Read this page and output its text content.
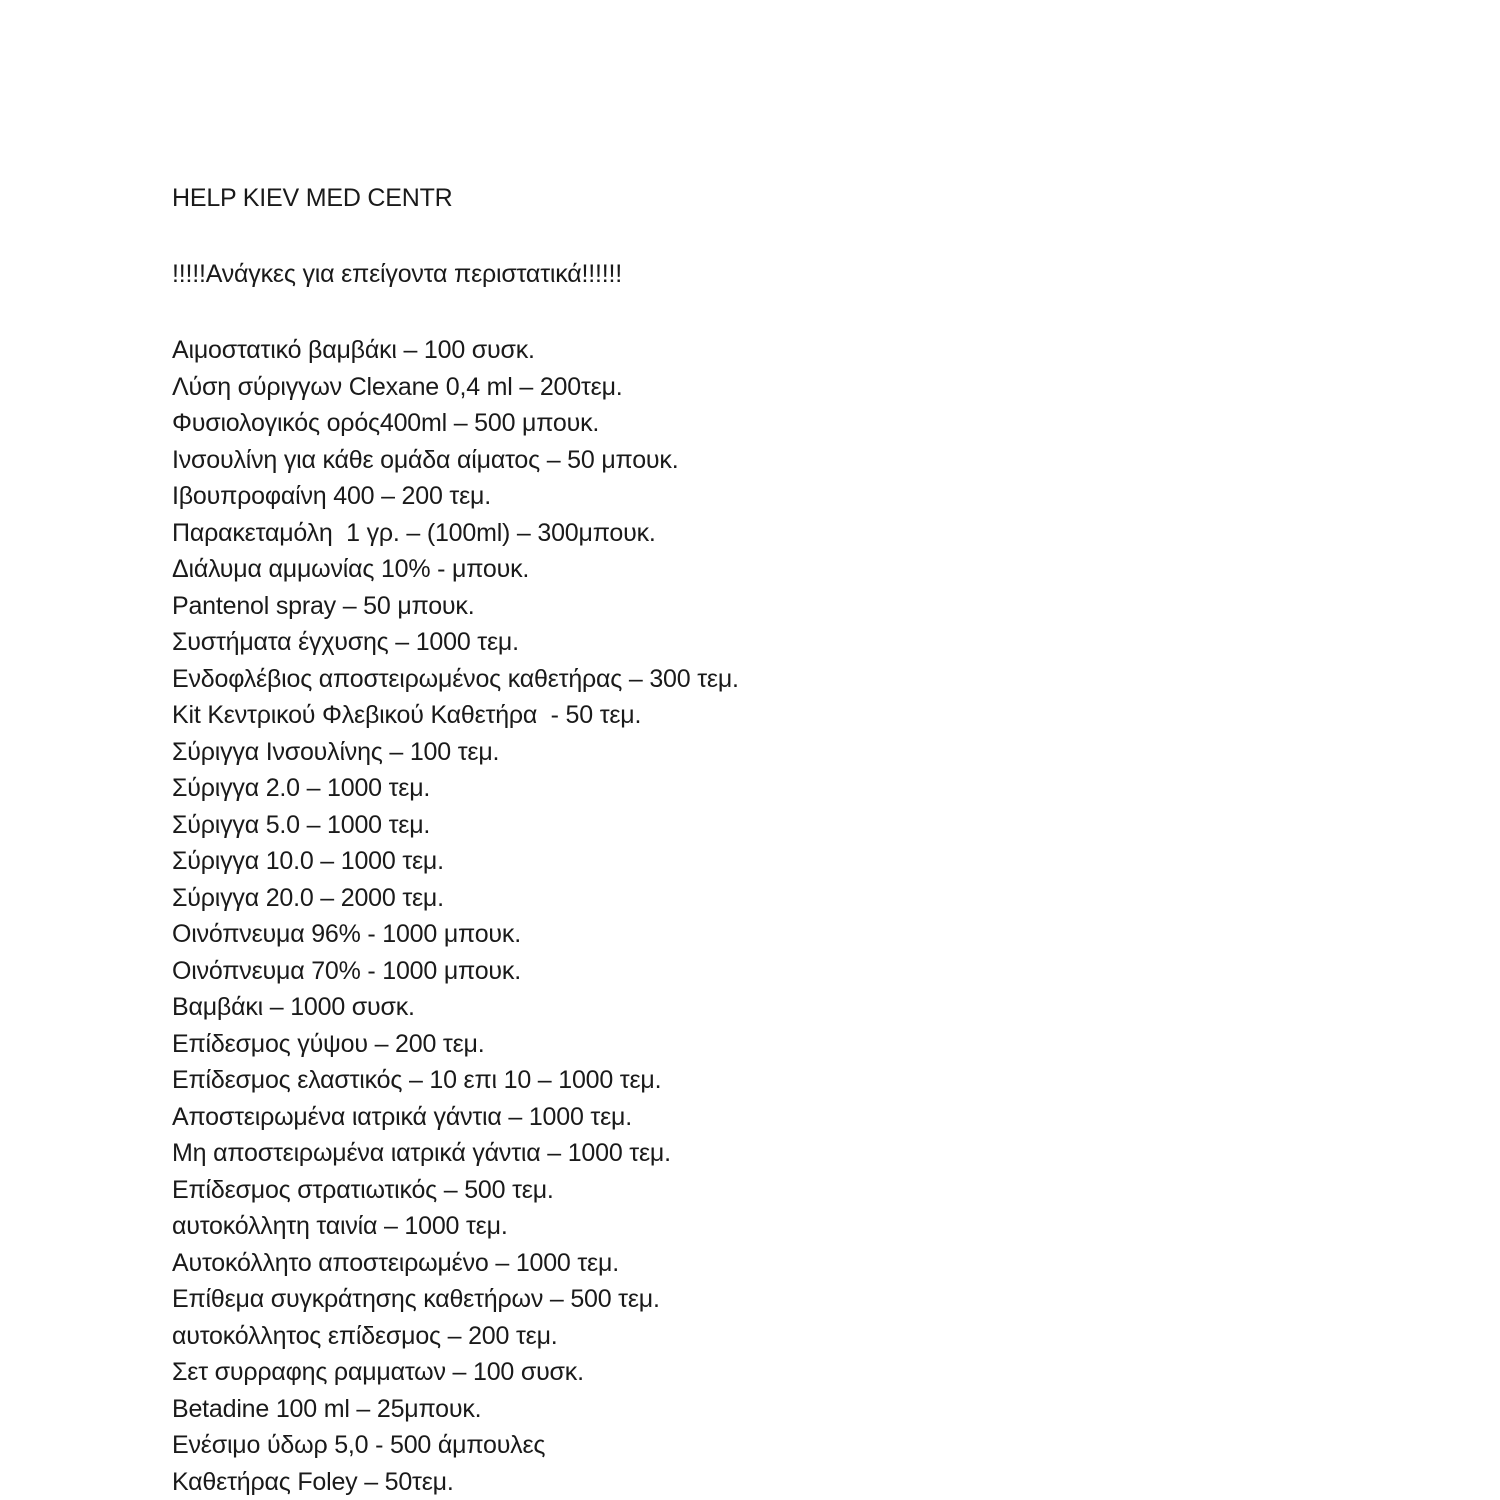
HELP KIEV MED CENTR

!!!!!Ανάγκες για επείγοντα περιστατικά!!!!!!

Αιμοστατικό βαμβάκι – 100 συσκ.
Λύση σύριγγων Clexane 0,4 ml – 200τεμ.
Φυσιολογικός ορός400ml – 500 μπουκ.
Ινσουλίνη για κάθε ομάδα αίματος – 50 μπουκ.
Ιβουπροφαίνη 400 – 200 τεμ.
Παρακεταμόλη  1 γρ. – (100ml) – 300μπουκ.
Διάλυμα αμμωνίας 10% - μπουκ.
Pantenol spray – 50 μπουκ.
Συστήματα έγχυσης – 1000 τεμ.
Ενδοφλέβιος αποστειρωμένος καθετήρας – 300 τεμ.
Kit Κεντρικού Φλεβικού Καθετήρα  - 50 τεμ.
Σύριγγα Ινσουλίνης – 100 τεμ.
Σύριγγα 2.0 – 1000 τεμ.
Σύριγγα 5.0 – 1000 τεμ.
Σύριγγα 10.0 – 1000 τεμ.
Σύριγγα 20.0 – 2000 τεμ.
Οινόπνευμα 96% - 1000 μπουκ.
Οινόπνευμα 70% - 1000 μπουκ.
Βαμβάκι – 1000 συσκ.
Επίδεσμος γύψου – 200 τεμ.
Επίδεσμος ελαστικός – 10 επι 10 – 1000 τεμ.
Αποστειρωμένα ιατρικά γάντια – 1000 τεμ.
Μη αποστειρωμένα ιατρικά γάντια – 1000 τεμ.
Επίδεσμος στρατιωτικός – 500 τεμ.
αυτοκόλλητη ταινία – 1000 τεμ.
Αυτοκόλλητο αποστειρωμένο – 1000 τεμ.
Επίθεμα συγκράτησης καθετήρων – 500 τεμ.
αυτοκόλλητος επίδεσμος – 200 τεμ.
Σετ συρραφης ραμματων – 100 συσκ.
Betadine 100 ml – 25μπουκ.
Ενέσιμο ύδωρ 5,0 - 500 άμπουλες
Καθετήρας Foley – 50τεμ.
